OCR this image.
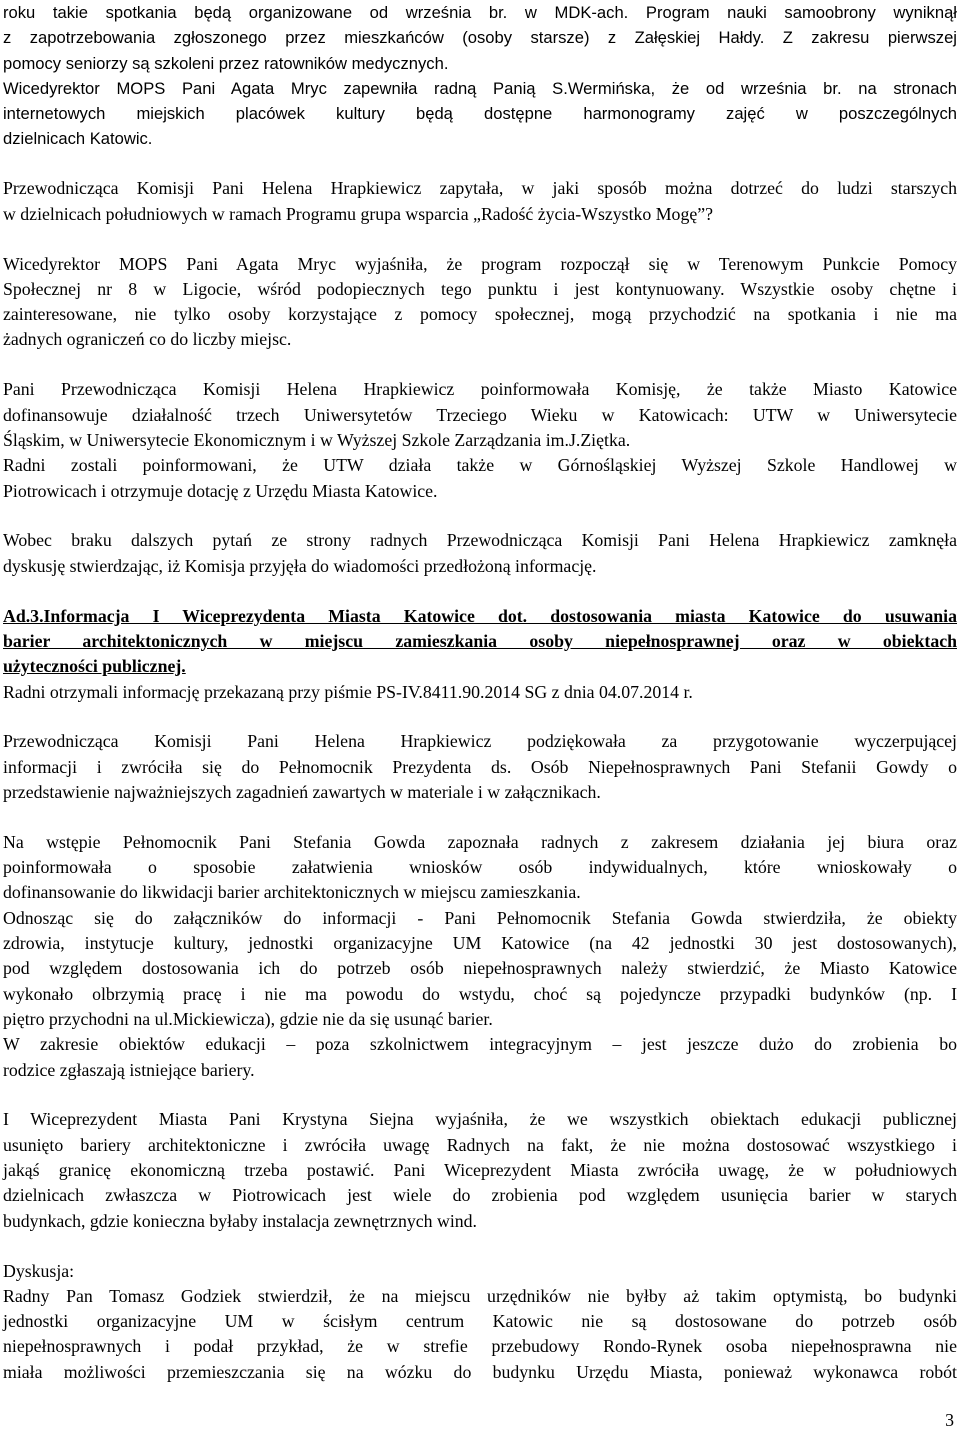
roku takie spotkania będą organizowane od września br. w MDK-ach. Program nauki samoobrony wyniknął
z zapotrzebowania zgłoszonego przez mieszkańców (osoby starsze) z Załęskiej Hałdy. Z zakresu pierwszej
pomocy seniorzy są szkoleni przez ratowników medycznych.
Wicedyrektor MOPS Pani Agata Mryc zapewniła radną Panią S.Wermińska, że od września br. na stronach
internetowych miejskich placówek kultury będą dostępne harmonogramy zajęć w poszczególnych
dzielnicach Katowic.
Przewodnicząca Komisji Pani Helena Hrapkiewicz zapytała, w jaki sposób można dotrzeć do ludzi starszych
w dzielnicach południowych w ramach Programu grupa wsparcia „Radość życia-Wszystko Mogę”?
Wicedyrektor MOPS Pani Agata Mryc wyjaśniła, że program rozpoczął się w Terenowym Punkcie Pomocy
Społecznej nr 8 w Ligocie, wśród podopiecznych tego punktu i jest kontynuowany. Wszystkie osoby chętne i
zainteresowane, nie tylko osoby korzystające z pomocy społecznej, mogą przychodzić na spotkania i nie ma
żadnych ograniczeń co do liczby miejsc.
Pani Przewodnicząca Komisji Helena Hrapkiewicz poinformowała Komisję, że także Miasto Katowice
dofinansowuje działalność trzech Uniwersytetów Trzeciego Wieku w Katowicach: UTW w Uniwersytecie
Śląskim, w Uniwersytecie Ekonomicznym i w Wyższej Szkole Zarządzania im.J.Ziętka.
Radni zostali poinformowani, że UTW działa także w Górnośląskiej Wyższej Szkole Handlowej w
Piotrowicach i otrzymuje dotację z Urzędu Miasta Katowice.
Wobec braku dalszych pytań ze strony radnych Przewodnicząca Komisji Pani Helena Hrapkiewicz zamknęła
dyskusję stwierdzając, iż Komisja przyjęła do wiadomości przedłożoną informację.
Ad.3.Informacja I Wiceprezydenta Miasta Katowice dot. dostosowania miasta Katowice do usuwania
barier architektonicznych w miejscu zamieszkania osoby niepełnosprawnej oraz w obiektach
użyteczności publicznej.
Radni otrzymali informację przekazaną przy piśmie PS-IV.8411.90.2014 SG z dnia 04.07.2014 r.
Przewodnicząca Komisji Pani Helena Hrapkiewicz podziękowała za przygotowanie wyczerpującej
informacji i zwróciła się do Pełnomocnik Prezydenta ds. Osób Niepełnosprawnych Pani Stefanii Gowdy o
przedstawienie najważniejszych zagadnień zawartych w materiale i w załącznikach.
Na wstępie Pełnomocnik Pani Stefania Gowda zapoznała radnych z zakresem działania jej biura oraz
poinformowała o sposobie załatwienia wniosków osób indywidualnych, które wnioskowały o
dofinansowanie do likwidacji barier architektonicznych w miejscu zamieszkania.
Odnosząc się do załączników do informacji - Pani Pełnomocnik Stefania Gowda stwierdziła, że obiekty
zdrowia, instytucje kultury, jednostki organizacyjne UM Katowice (na 42 jednostki 30 jest dostosowanych),
pod względem dostosowania ich do potrzeb osób niepełnosprawnych należy stwierdzić, że Miasto Katowice
wykonało olbrzymią pracę i nie ma powodu do wstydu, choć są pojedyncze przypadki budynków (np. I
piętro przychodni na ul.Mickiewicza), gdzie nie da się usunąć barier.
W zakresie obiektów edukacji – poza szkolnictwem integracyjnym – jest jeszcze dużo do zrobienia bo
rodzice zgłaszają istniejące bariery.
I Wiceprezydent Miasta Pani Krystyna Siejna wyjaśniła, że we wszystkich obiektach edukacji publicznej
usunięto bariery architektoniczne i zwróciła uwagę Radnych na fakt, że nie można dostosować wszystkiego i
jakąś granicę ekonomiczną trzeba postawić. Pani Wiceprezydent Miasta zwróciła uwagę, że w południowych
dzielnicach zwłaszcza w Piotrowicach jest wiele do zrobienia pod względem usunięcia barier w starych
budynkach, gdzie konieczna byłaby instalacja zewnętrznych wind.
Dyskusja:
Radny Pan Tomasz Godziek stwierdził, że na miejscu urzędników nie byłby aż takim optymistą, bo budynki
jednostki organizacyjne UM w ścisłym centrum Katowic nie są dostosowane do potrzeb osób
niepełnosprawnych i podał przykład, że w strefie przebudowy Rondo-Rynek osoba niepełnosprawna nie
miała możliwości przemieszczania się na wózku do budynku Urzędu Miasta, ponieważ wykonawca robót
3
